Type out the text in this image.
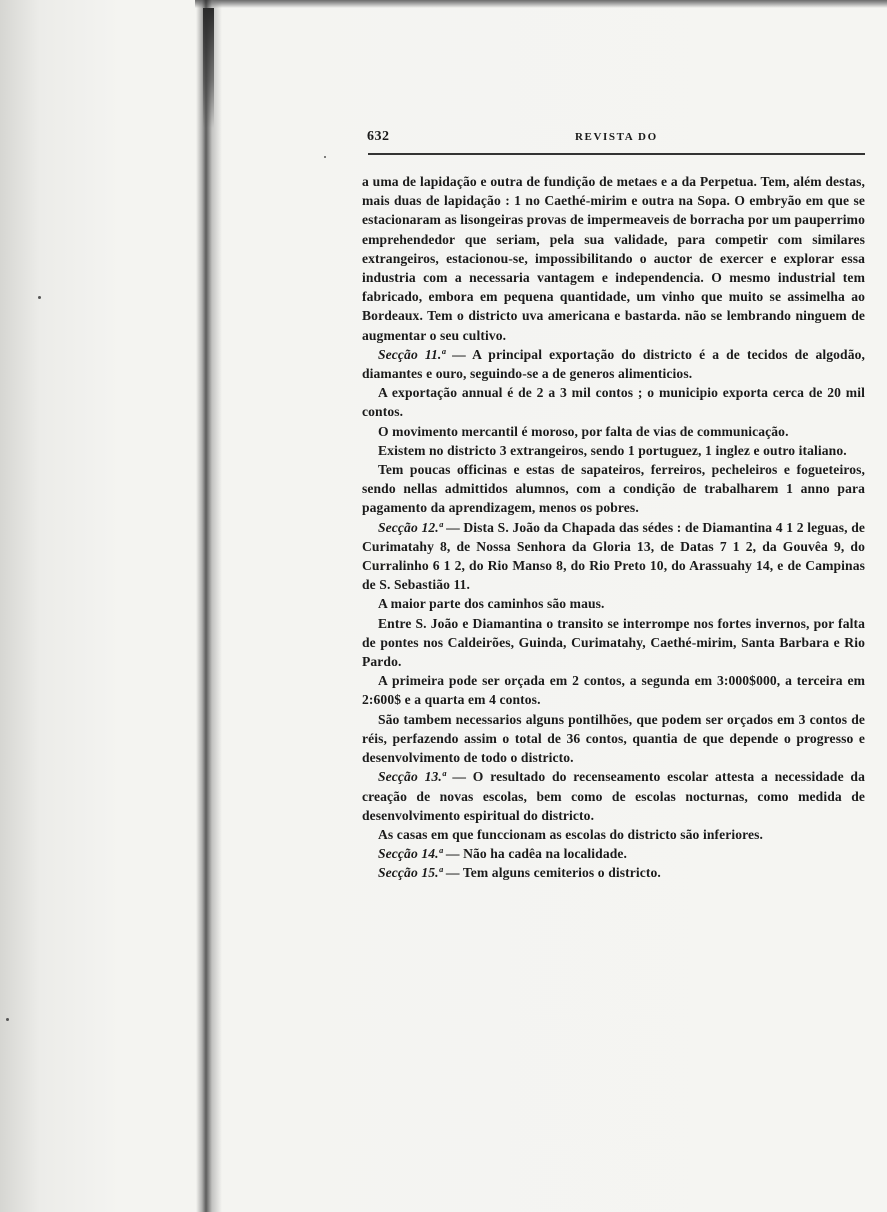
632	REVISTA DO

a uma de lapidação e outra de fundição de metaes e a da Perpetua. Tem, além destas, mais duas de lapidação : 1 no Caethé-mirim e outra na Sopa. O embryão em que se estacionaram as lisongeiras provas de impermeaveis de borracha por um pauperrimo emprehendedor que seriam, pela sua validade, para competir com similares extrangeiros, estacionou-se, impossibilitando o auctor de exercer e explorar essa industria com a necessaria vantagem e independencia. O mesmo industrial tem fabricado, embora em pequena quantidade, um vinho que muito se assimelha ao Bordeaux. Tem o districto uva americana e bastarda. não se lembrando ninguem de augmentar o seu cultivo.

Secção 11.ª — A principal exportação do districto é a de tecidos de algodão, diamantes e ouro, seguindo-se a de generos alimenticios.

A exportação annual é de 2 a 3 mil contos ; o municipio exporta cerca de 20 mil contos.

O movimento mercantil é moroso, por falta de vias de communicação.

Existem no districto 3 extrangeiros, sendo 1 portuguez, 1 inglez e outro italiano.

Tem poucas officinas e estas de sapateiros, ferreiros, pecheleiros e fogueteiros, sendo nellas admittidos alumnos, com a condição de trabalharem 1 anno para pagamento da aprendizagem, menos os pobres.

Secção 12.ª — Dista S. João da Chapada das sédes : de Diamantina 4 1 2 leguas, de Curimatahy 8, de Nossa Senhora da Gloria 13, de Datas 7 1 2, da Gouvêa 9, do Curralinho 6 1 2, do Rio Manso 8, do Rio Preto 10, do Arassuahy 14, e de Campinas de S. Sebastião 11.

A maior parte dos caminhos são maus.

Entre S. João e Diamantina o transito se interrompe nos fortes invernos, por falta de pontes nos Caldeirões, Guinda, Curimatahy, Caethé-mirim, Santa Barbara e Rio Pardo.

A primeira pode ser orçada em 2 contos, a segunda em 3:000$000, a terceira em 2:600$ e a quarta em 4 contos.

São tambem necessarios alguns pontilhões, que podem ser orçados em 3 contos de réis, perfazendo assim o total de 36 contos, quantia de que depende o progresso e desenvolvimento de todo o districto.

Secção 13.ª — O resultado do recenseamento escolar attesta a necessidade da creação de novas escolas, bem como de escolas nocturnas, como medida de desenvolvimento espiritual do districto.

As casas em que funccionam as escolas do districto são inferiores.

Secção 14.ª — Não ha cadêa na localidade.

Secção 15.ª — Tem alguns cemiterios o districto.
